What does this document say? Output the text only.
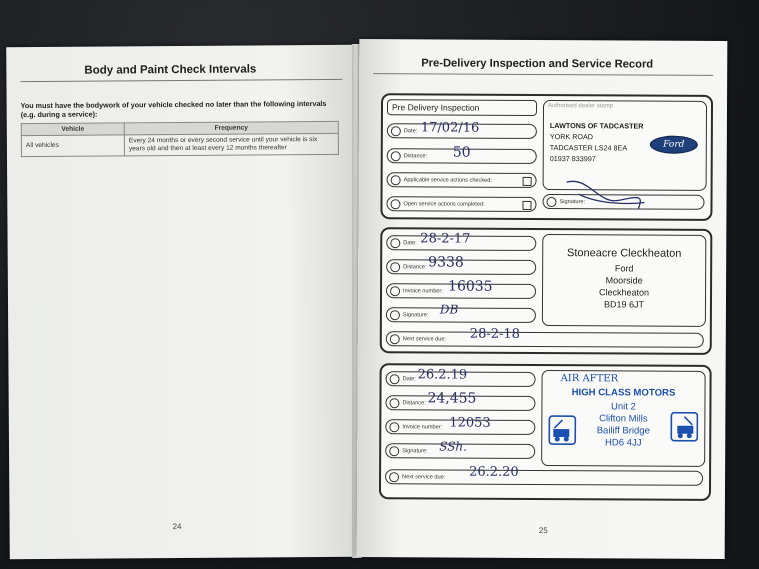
Body and Paint Check Intervals
You must have the bodywork of your vehicle checked no later than the following intervals (e.g. during a service):
Vehicle	Frequency
All vehicles	Every 24 months or every second service until your vehicle is six years old and then at least every 12 months thereafter
24
Pre-Delivery Inspection and Service Record
Pre Delivery Inspection
Date: 17/02/16
Distance:	50
Applicable service actions checked:
Open service actions completed:
Authorised dealer stamp
LAWTONS OF TADCASTER
YORK ROAD
TADCASTER LS24 8EA
01937 833997
Ford
Signature:
Date: 28-2-17
Distance: 9338
Invoice number: 16035
Signature: DB
Next service due:	28-2-18
Stoneacre Cleckheaton
Ford
Moorside
Cleckheaton
BD19 6JT
Date: 26.2.19
Distance: 24,455
Invoice number: 12053
Signature: SSh.
Next service due:	26.2.20
AIR AFTER
HIGH CLASS MOTORS
Unit 2
Clifton Mills
Bailiff Bridge
HD6 4JJ
25
